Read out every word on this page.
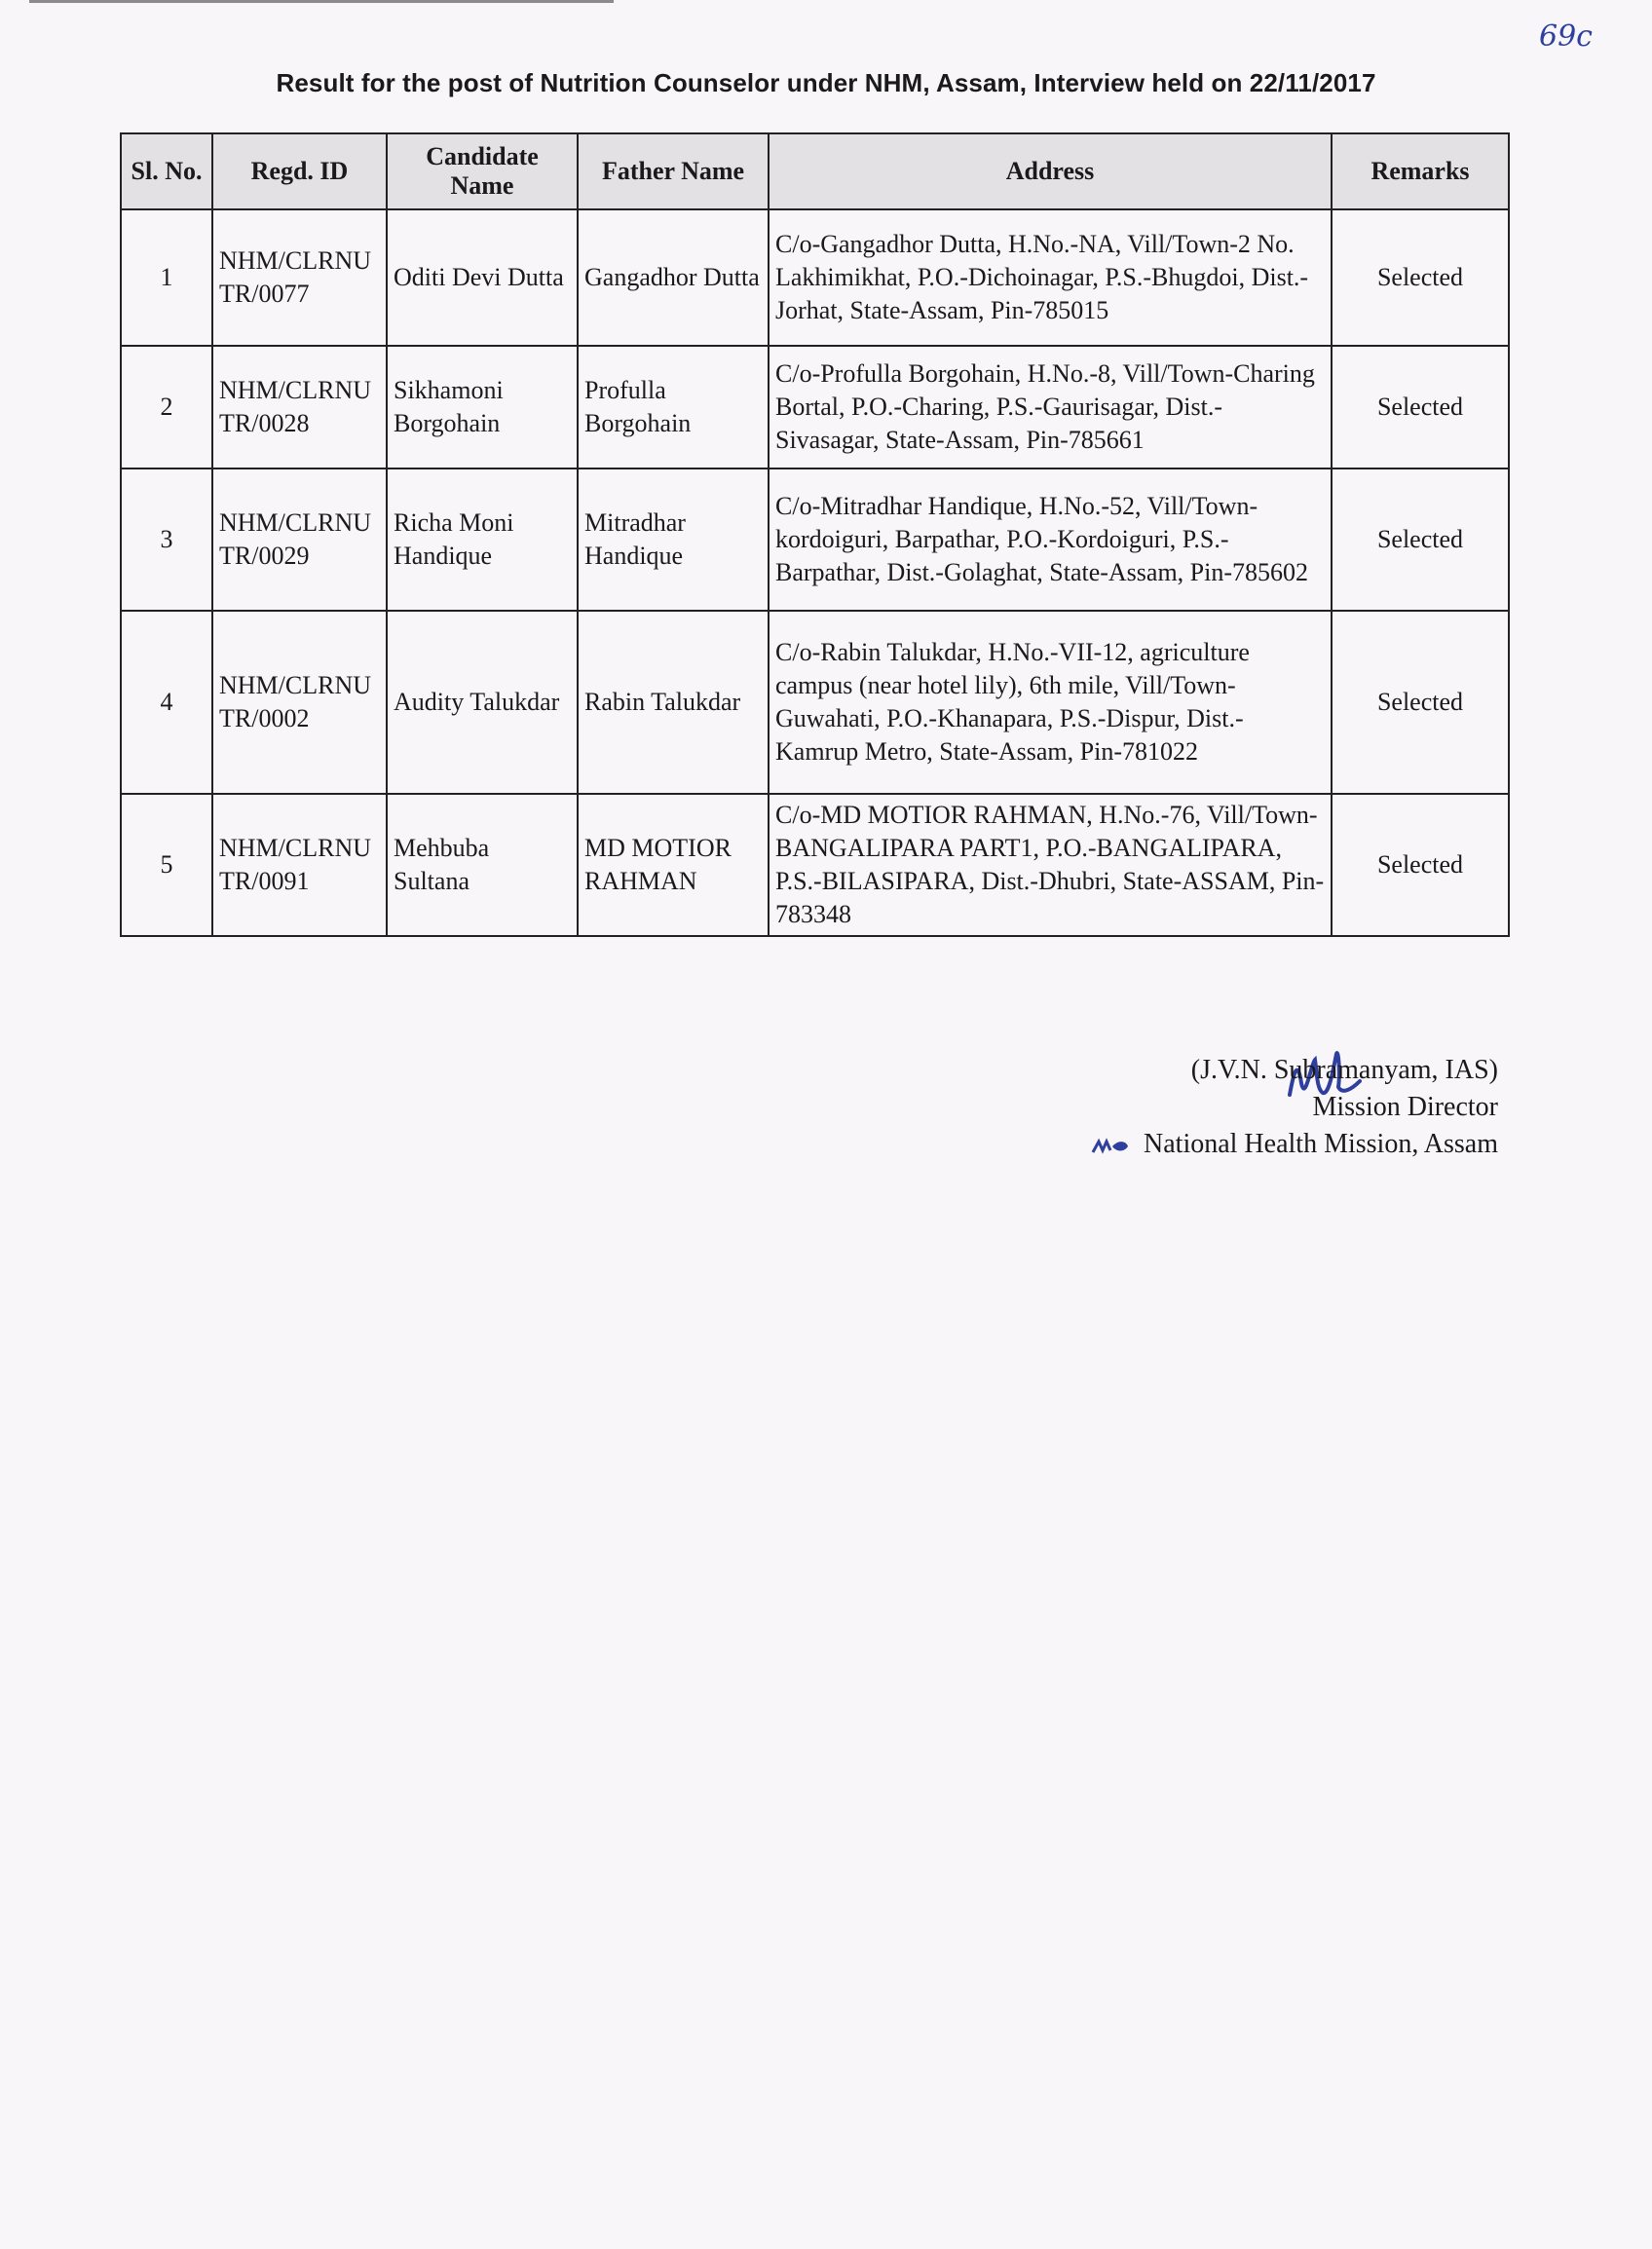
69c
Result for the post of Nutrition Counselor under NHM, Assam, Interview held on 22/11/2017
Sl. No.	Regd. ID	Candidate Name	Father Name	Address	Remarks
1	NHM/CLRNUTR/0077	Oditi Devi Dutta	Gangadhor Dutta	C/o-Gangadhor Dutta, H.No.-NA, Vill/Town-2 No. Lakhimikhat, P.O.-Dichoinagar, P.S.-Bhugdoi, Dist.-Jorhat, State-Assam, Pin-785015	Selected
2	NHM/CLRNUTR/0028	Sikhamoni Borgohain	Profulla Borgohain	C/o-Profulla Borgohain, H.No.-8, Vill/Town-Charing Bortal, P.O.-Charing, P.S.-Gaurisagar, Dist.-Sivasagar, State-Assam, Pin-785661	Selected
3	NHM/CLRNUTR/0029	Richa Moni Handique	Mitradhar Handique	C/o-Mitradhar Handique, H.No.-52, Vill/Town-kordoiguri, Barpathar, P.O.-Kordoiguri, P.S.-Barpathar, Dist.-Golaghat, State-Assam, Pin-785602	Selected
4	NHM/CLRNUTR/0002	Audity Talukdar	Rabin Talukdar	C/o-Rabin Talukdar, H.No.-VII-12, agriculture campus (near hotel lily), 6th mile, Vill/Town-Guwahati, P.O.-Khanapara, P.S.-Dispur, Dist.-Kamrup Metro, State-Assam, Pin-781022	Selected
5	NHM/CLRNUTR/0091	Mehbuba Sultana	MD MOTIOR RAHMAN	C/o-MD MOTIOR RAHMAN, H.No.-76, Vill/Town-BANGALIPARA PART1, P.O.-BANGALIPARA, P.S.-BILASIPARA, Dist.-Dhubri, State-ASSAM, Pin-783348	Selected
(J.V.N. Subramanyam, IAS)
Mission Director
National Health Mission, Assam
